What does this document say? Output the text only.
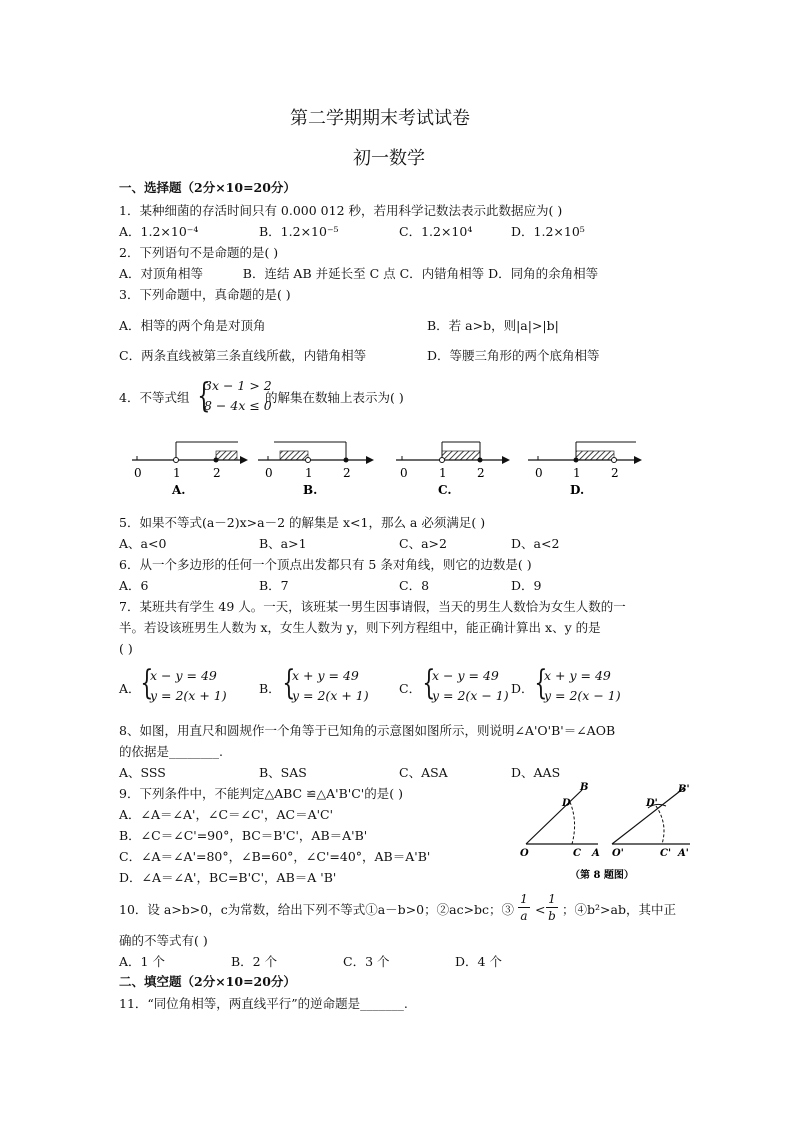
第二学期期末考试试卷
初一数学
一、选择题（2分×10=20分）
1．某种细菌的存活时间只有 0.000 012 秒，若用科学记数法表示此数据应为( )
A．1.2×10⁻⁴	B．1.2×10⁻⁵	C．1.2×10⁴	D．1.2×10⁵
2．下列语句不是命题的是( )
A．对顶角相等          B．连结 AB 并延长至 C 点 C．内错角相等 D．同角的余角相等
3．下列命题中，真命题的是( )
A．相等的两个角是对顶角	B．若 a>b，则|a|>|b|
C．两条直线被第三条直线所截，内错角相等	D．等腰三角形的两个底角相等
4．不等式组 {
3x − 1 > 2
8 − 4x ≤ 0
的解集在数轴上表示为( )
0	1	2
A.
0	1	2
B.
0	1	2
C.
0	1	2
D.
5．如果不等式(a－2)x>a－2 的解集是 x<1，那么 a 必须满足( )
A、a<0	B、a>1	C、a>2	D、a<2
6．从一个多边形的任何一个顶点出发都只有 5 条对角线，则它的边数是( )
A．6	B．7	C．8	D．9
7．某班共有学生 49 人。一天，该班某一男生因事请假，当天的男生人数恰为女生人数的一
半。若设该班男生人数为 x，女生人数为 y，则下列方程组中，能正确计算出 x、y 的是
( )
A． {
x − y = 49
y = 2(x + 1)	B． {
x + y = 49
y = 2(x + 1) C． {
x − y = 49
y = 2(x − 1) D． {
x + y = 49
y = 2(x − 1)
8、如图，用直尺和圆规作一个角等于已知角的示意图如图所示，则说明∠A'O'B'＝∠AOB
的依据是________.
A、SSS	B、SAS	C、ASA	D、AAS
9．下列条件中，不能判定△ABC ≌△A'B'C'的是( )
A．∠A＝∠A'，∠C＝∠C'，AC＝A'C'
B．∠C＝∠C'=90°，BC＝B'C'，AB＝A'B'
C．∠A＝∠A'=80°，∠B=60°，∠C'=40°，AB＝A'B'
D．∠A＝∠A'，BC=B'C'，AB＝A 'B'
O	C A
D
B
O'	C' A'
D'
B'
（第 8 题图）
10．设 a>b>0，c为常数，给出下列不等式①a－b>0；②ac>bc；③
1
a <
1
b ；④b²>ab，其中正
确的不等式有( )
A．1 个	B．2 个	C．3 个	D．4 个
二、填空题（2分×10=20分）
11．“同位角相等，两直线平行”的逆命题是_______.
